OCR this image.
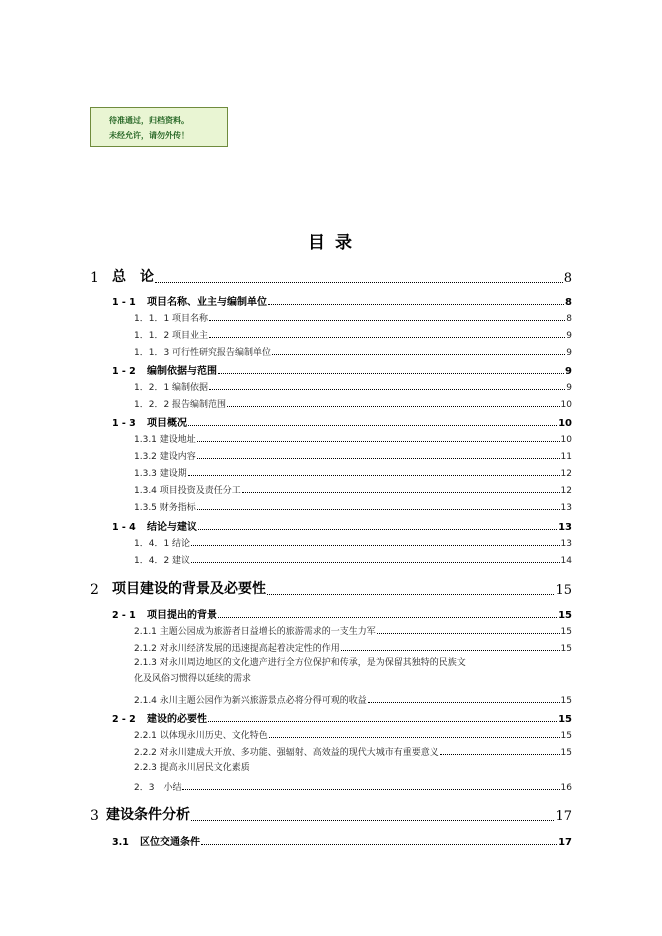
待准通过，归档资料。
未经允许，请勿外传！
目 录
1 总　论	8
1 - 1	项目名称、业主与编制单位	8
1．1．1 项目名称	8
1．1．2 项目业主	9
1．1．3 可行性研究报告编制单位	9
1 - 2	编制依据与范围	9
1．2．1 编制依据	9
1．2．2 报告编制范围	10
1 - 3	项目概况	10
1.3.1 建设地址	10
1.3.2 建设内容	11
1.3.3 建设期	12
1.3.4 项目投资及责任分工	12
1.3.5 财务指标	13
1 - 4	结论与建议	13
1．4．1 结论	13
1．4．2 建议	14
2 项目建设的背景及必要性	15
2 - 1	项目提出的背景	15
2.1.1 主题公园成为旅游者日益增长的旅游需求的一支生力军	15
2.1.2 对永川经济发展的迅速提高起着决定性的作用	15
2.1.3 对永川周边地区的文化遗产进行全方位保护和传承，是为保留其独特的民族文
化及风俗习惯得以延续的需求
2.1.4 永川主题公园作为新兴旅游景点必将分得可观的收益	15
2 - 2	建设的必要性	15
2.2.1 以体现永川历史、文化特色	15
2.2.2 对永川建成大开放、多功能、强辐射、高效益的现代大城市有重要意义	15
2.2.3 提高永川居民文化素质
2．3　小结	16
3 建设条件分析	17
3.1	区位交通条件	17
